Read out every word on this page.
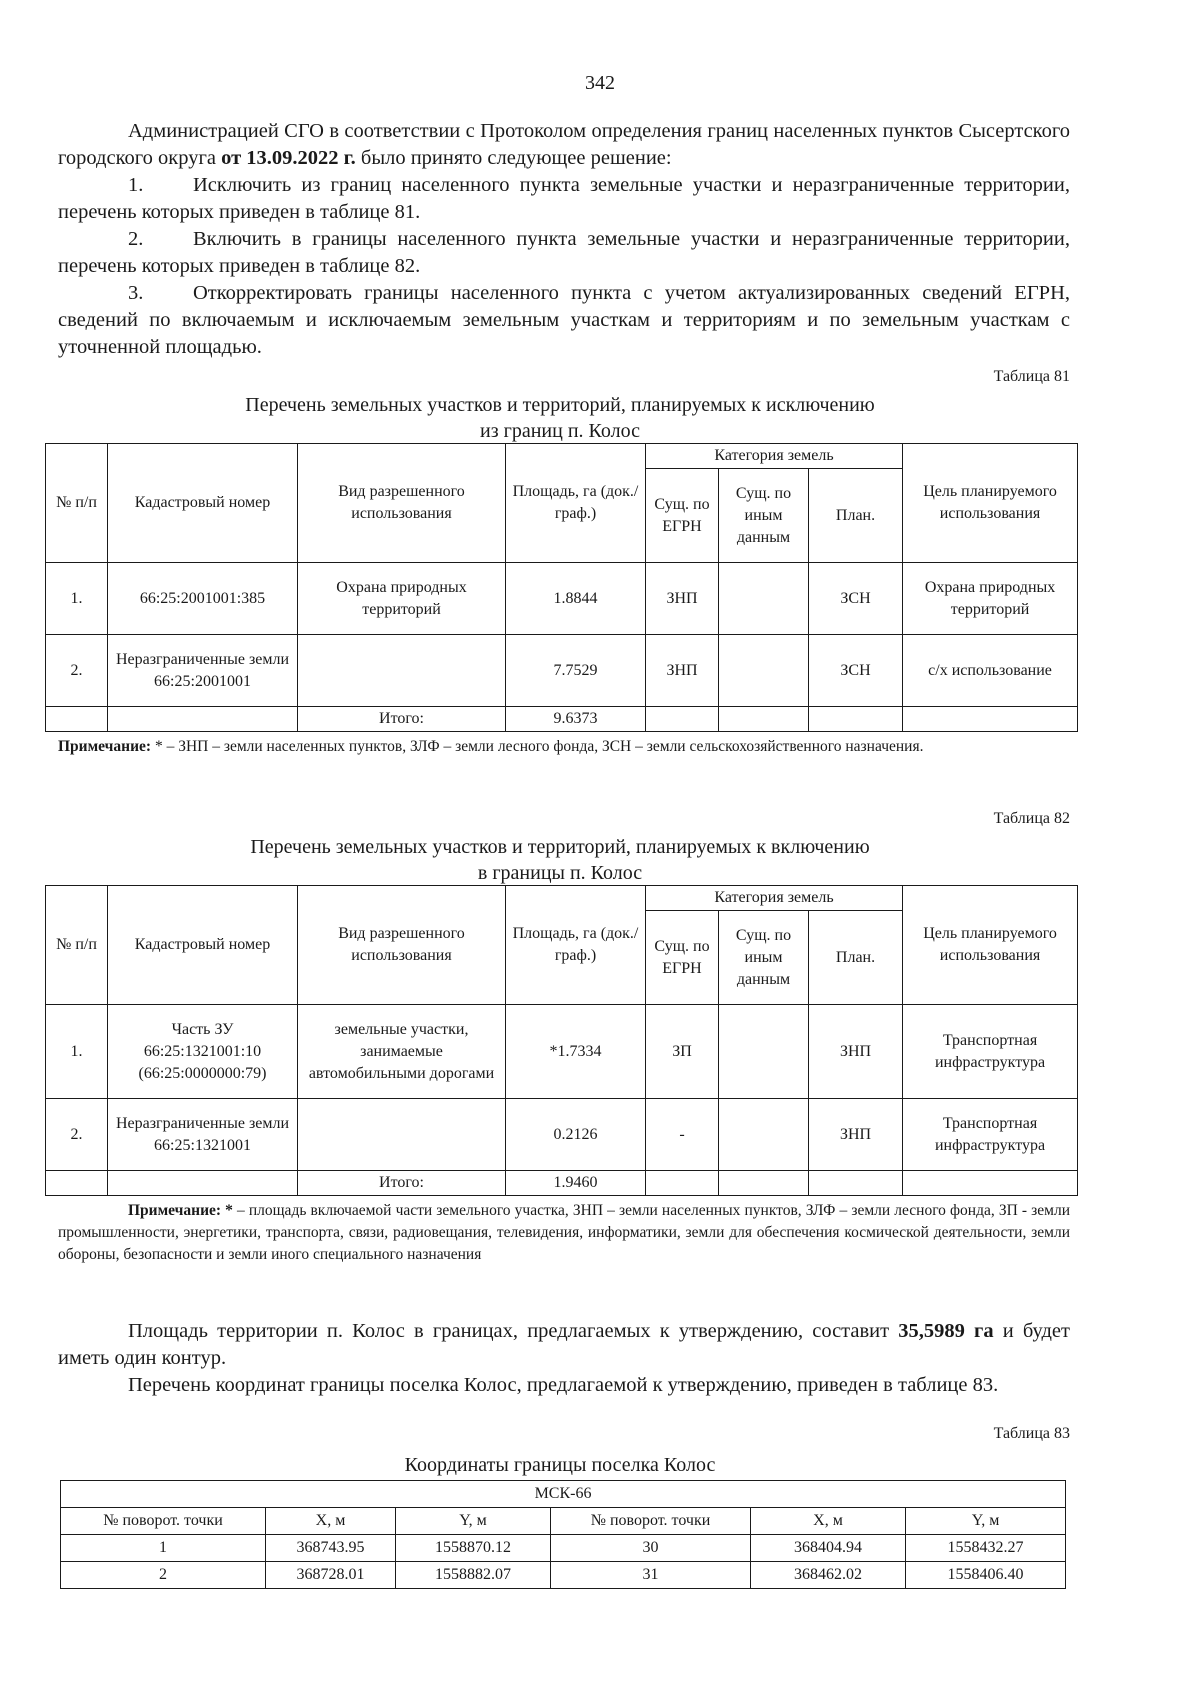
342

Администрацией СГО в соответствии с Протоколом определения границ населенных пунктов Сысертского городского округа от 13.09.2022 г. было принято следующее решение:

1. Исключить из границ населенного пункта земельные участки и неразграниченные территории, перечень которых приведен в таблице 81.

2. Включить в границы населенного пункта земельные участки и неразграниченные территории, перечень которых приведен в таблице 82.

3. Откорректировать границы населенного пункта с учетом актуализированных сведений ЕГРН, сведений по включаемым и исключаемым земельным участкам и территориям и по земельным участкам с уточненной площадью.

Таблица 81
Перечень земельных участков и территорий, планируемых к исключению
из границ п. Колос
№ п/п	Кадастровый номер	Вид разрешенного использования	Площадь, га (док./граф.)	Категория земель			Цель планируемого использования
				Сущ. по ЕГРН	Сущ. по иным данным	План.	
1.	66:25:2001001:385	Охрана природных территорий	1.8844	ЗНП		ЗСН	Охрана природных территорий
2.	Неразграниченные земли 66:25:2001001		7.7529	ЗНП		ЗСН	с/х использование
		Итого:	9.6373				
Примечание: * – ЗНП – земли населенных пунктов, ЗЛФ – земли лесного фонда, ЗСН – земли сельскохозяйственного назначения.
Таблица 82
Перечень земельных участков и территорий, планируемых к включению
в границы п. Колос
№ п/п	Кадастровый номер	Вид разрешенного использования	Площадь, га (док./граф.)	Категория земель			Цель планируемого использования
				Сущ. по ЕГРН	Сущ. по иным данным	План.	
1.	Часть ЗУ 66:25:1321001:10 (66:25:0000000:79)	земельные участки, занимаемые автомобильными дорогами	*1.7334	ЗП		ЗНП	Транспортная инфраструктура
2.	Неразграниченные земли 66:25:1321001		0.2126	-		ЗНП	Транспортная инфраструктура
		Итого:	1.9460				
Примечание: * – площадь включаемой части земельного участка, ЗНП – земли населенных пунктов, ЗЛФ – земли лесного фонда, ЗП - земли промышленности, энергетики, транспорта, связи, радиовещания, телевидения, информатики, земли для обеспечения космической деятельности, земли обороны, безопасности и земли иного специального назначения

Площадь территории п. Колос в границах, предлагаемых к утверждению, составит 35,5989 га и будет иметь один контур.

Перечень координат границы поселка Колос, предлагаемой к утверждению, приведен в таблице 83.

Таблица 83
Координаты границы поселка Колос
МСК-66					
№ поворот. точки	X, м	Y, м	№ поворот. точки	X, м	Y, м
1	368743.95	1558870.12	30	368404.94	1558432.27
2	368728.01	1558882.07	31	368462.02	1558406.40
